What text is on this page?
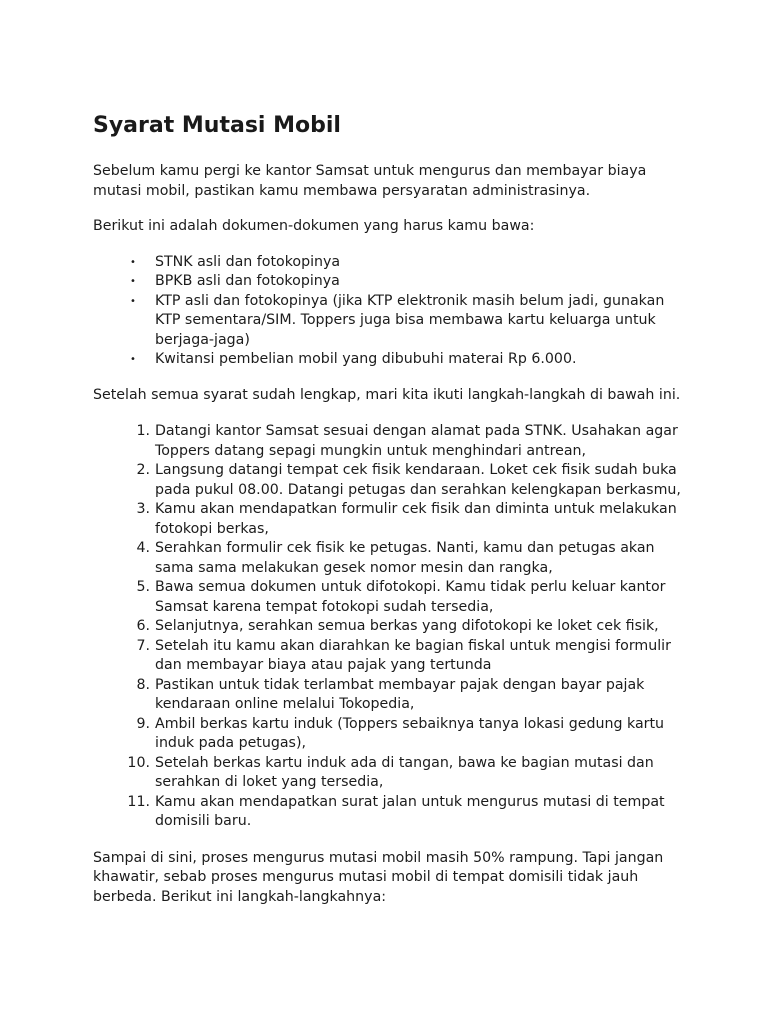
Syarat Mutasi Mobil

Sebelum kamu pergi ke kantor Samsat untuk mengurus dan membayar biaya mutasi mobil, pastikan kamu membawa persyaratan administrasinya.

Berikut ini adalah dokumen-dokumen yang harus kamu bawa:

• STNK asli dan fotokopinya
• BPKB asli dan fotokopinya
• KTP asli dan fotokopinya (jika KTP elektronik masih belum jadi, gunakan KTP sementara/SIM. Toppers juga bisa membawa kartu keluarga untuk berjaga-jaga)
• Kwitansi pembelian mobil yang dibubuhi materai Rp 6.000.

Setelah semua syarat sudah lengkap, mari kita ikuti langkah-langkah di bawah ini.

1. Datangi kantor Samsat sesuai dengan alamat pada STNK. Usahakan agar Toppers datang sepagi mungkin untuk menghindari antrean,
2. Langsung datangi tempat cek fisik kendaraan. Loket cek fisik sudah buka pada pukul 08.00. Datangi petugas dan serahkan kelengkapan berkasmu,
3. Kamu akan mendapatkan formulir cek fisik dan diminta untuk melakukan fotokopi berkas,
4. Serahkan formulir cek fisik ke petugas. Nanti, kamu dan petugas akan sama sama melakukan gesek nomor mesin dan rangka,
5. Bawa semua dokumen untuk difotokopi. Kamu tidak perlu keluar kantor Samsat karena tempat fotokopi sudah tersedia,
6. Selanjutnya, serahkan semua berkas yang difotokopi ke loket cek fisik,
7. Setelah itu kamu akan diarahkan ke bagian fiskal untuk mengisi formulir dan membayar biaya atau pajak yang tertunda
8. Pastikan untuk tidak terlambat membayar pajak dengan bayar pajak kendaraan online melalui Tokopedia,
9. Ambil berkas kartu induk (Toppers sebaiknya tanya lokasi gedung kartu induk pada petugas),
10. Setelah berkas kartu induk ada di tangan, bawa ke bagian mutasi dan serahkan di loket yang tersedia,
11. Kamu akan mendapatkan surat jalan untuk mengurus mutasi di tempat domisili baru.

Sampai di sini, proses mengurus mutasi mobil masih 50% rampung. Tapi jangan khawatir, sebab proses mengurus mutasi mobil di tempat domisili tidak jauh berbeda. Berikut ini langkah-langkahnya:
